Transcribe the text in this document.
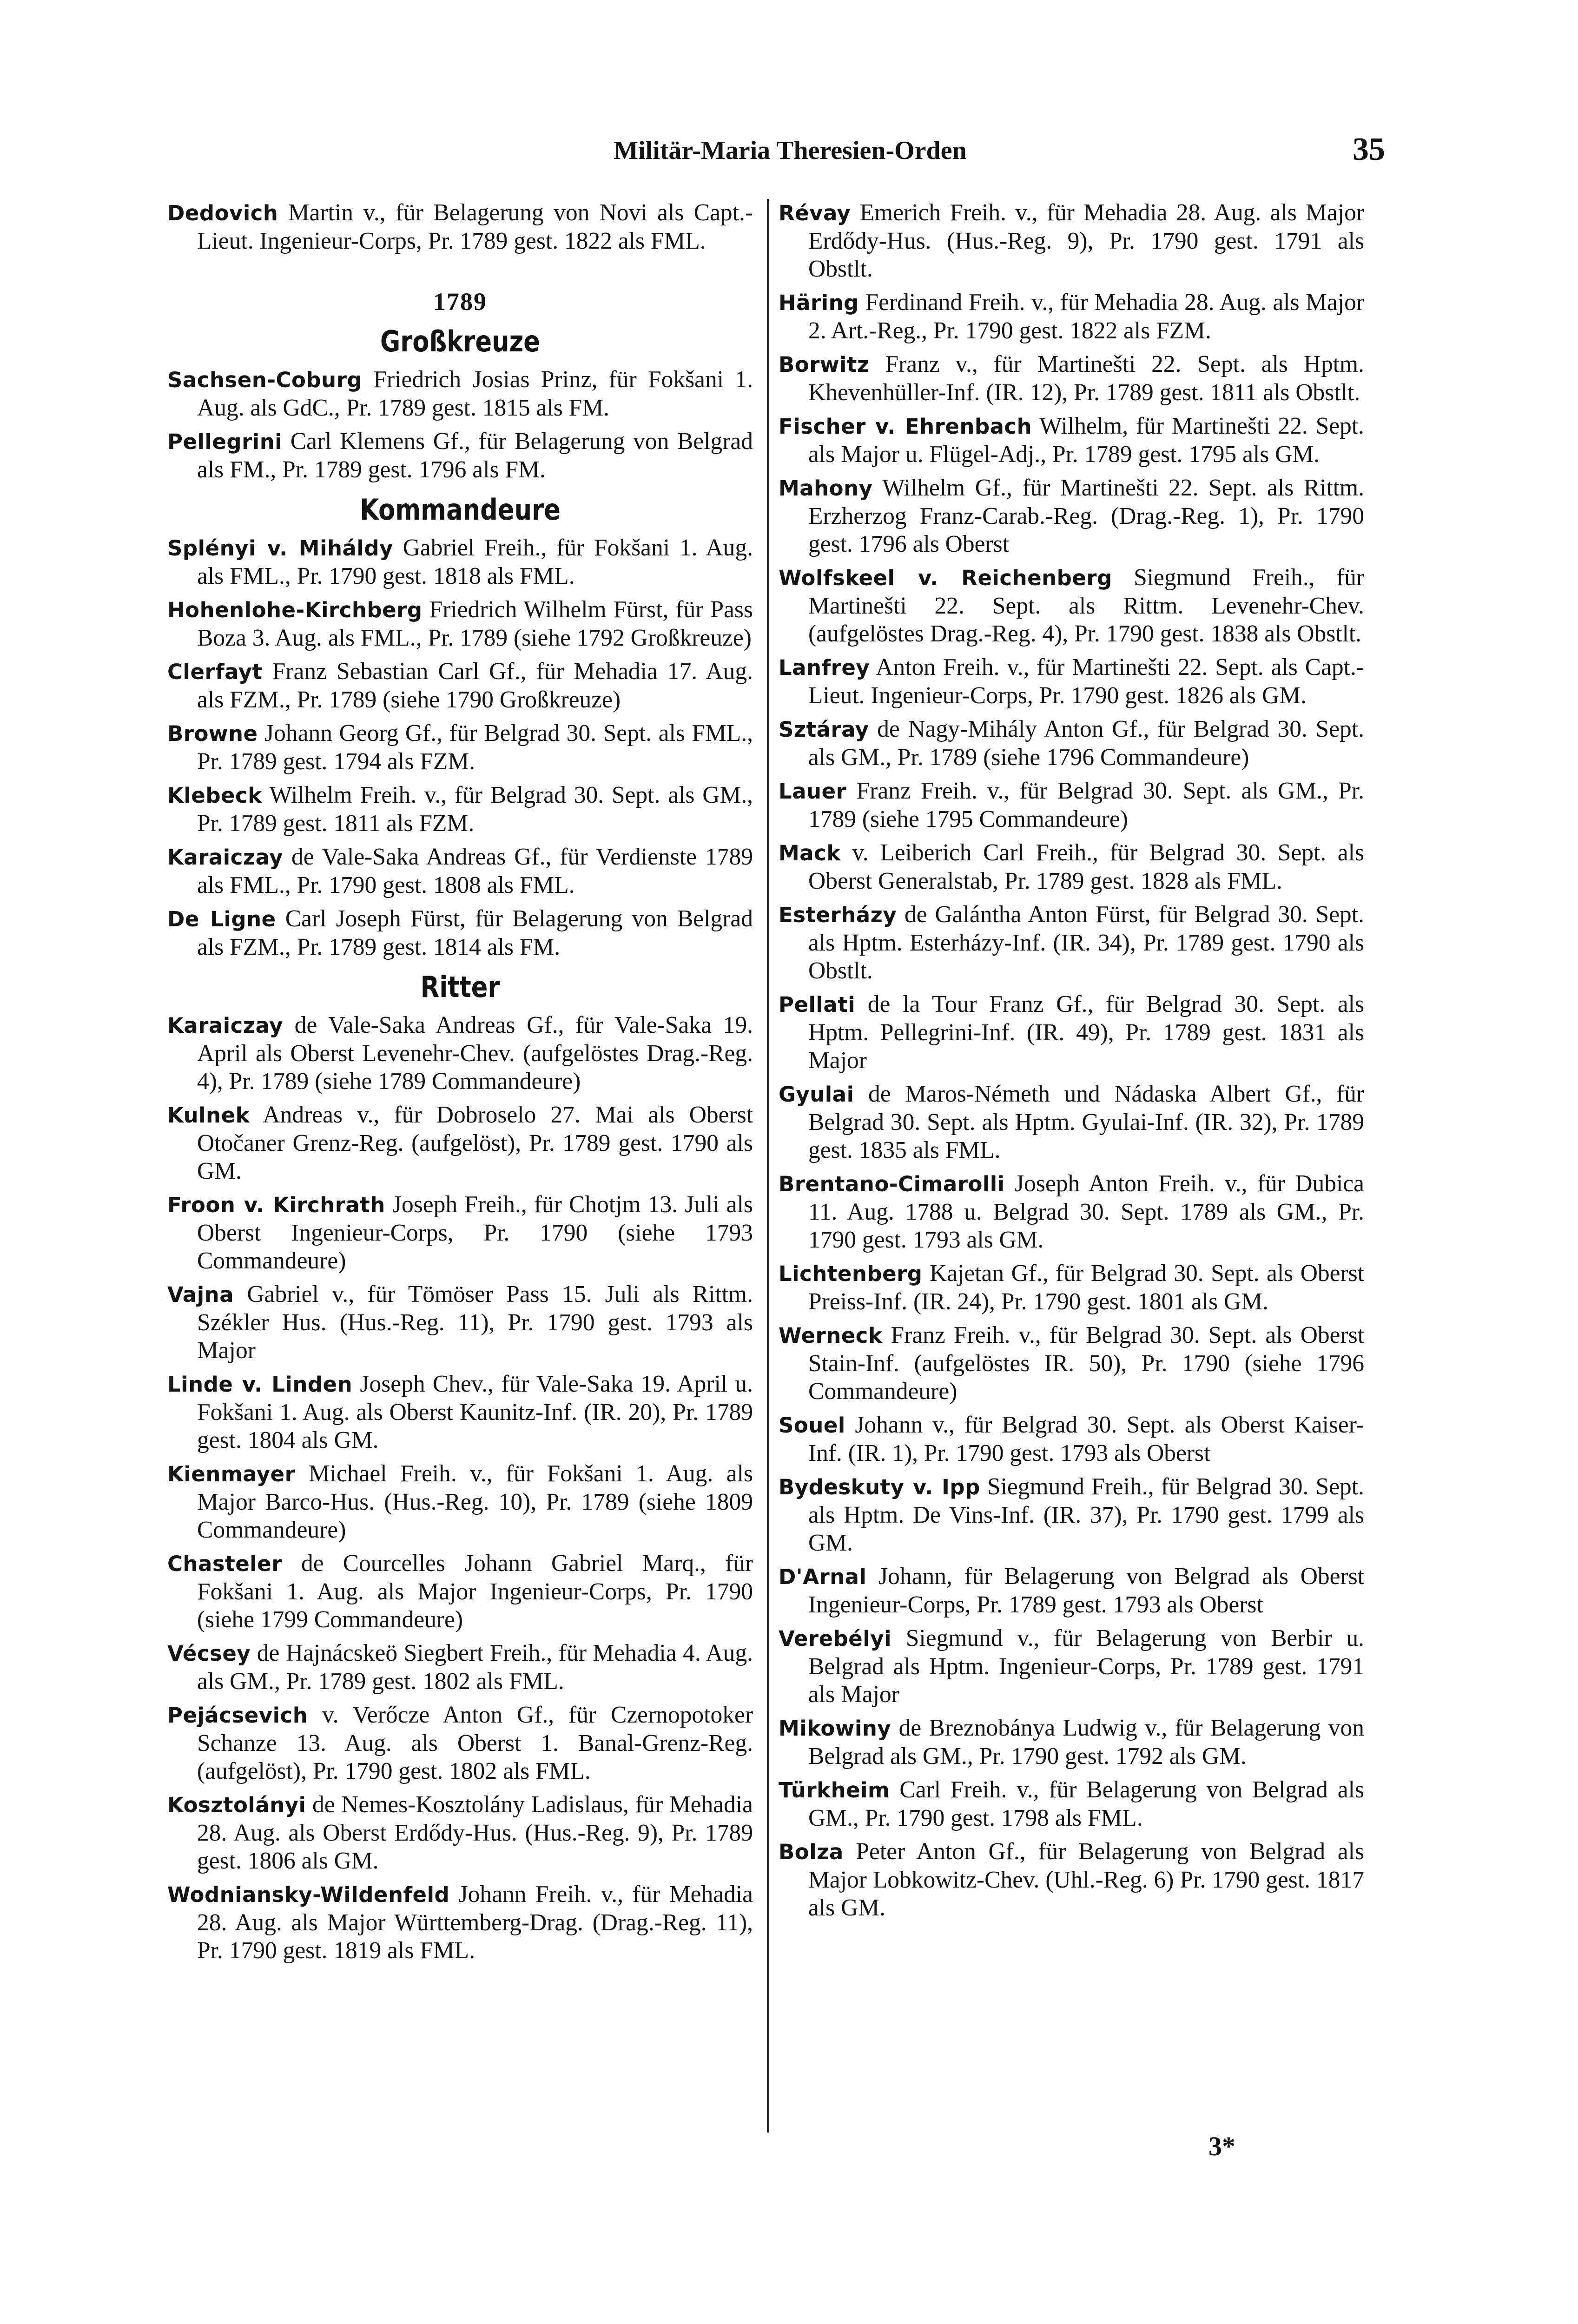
Militär-Maria Theresien-Orden	35

Dedovich Martin v., für Belagerung von Novi als Capt.-Lieut. Ingenieur-Corps, Pr. 1789 gest. 1822 als FML.

1789
Großkreuze

Sachsen-Coburg Friedrich Josias Prinz, für Fokšani 1. Aug. als GdC., Pr. 1789 gest. 1815 als FM.

Pellegrini Carl Klemens Gf., für Belagerung von Belgrad als FM., Pr. 1789 gest. 1796 als FM.

Kommandeure

Splényi v. Miháldy Gabriel Freih., für Fokšani 1. Aug. als FML., Pr. 1790 gest. 1818 als FML.

Hohenlohe-Kirchberg Friedrich Wilhelm Fürst, für Pass Boza 3. Aug. als FML., Pr. 1789 (siehe 1792 Großkreuze)

Clerfayt Franz Sebastian Carl Gf., für Mehadia 17. Aug. als FZM., Pr. 1789 (siehe 1790 Großkreuze)

Browne Johann Georg Gf., für Belgrad 30. Sept. als FML., Pr. 1789 gest. 1794 als FZM.

Klebeck Wilhelm Freih. v., für Belgrad 30. Sept. als GM., Pr. 1789 gest. 1811 als FZM.

Karaiczay de Vale-Saka Andreas Gf., für Verdienste 1789 als FML., Pr. 1790 gest. 1808 als FML.

De Ligne Carl Joseph Fürst, für Belagerung von Belgrad als FZM., Pr. 1789 gest. 1814 als FM.

Ritter

Karaiczay de Vale-Saka Andreas Gf., für Vale-Saka 19. April als Oberst Levenehr-Chev. (aufgelöstes Drag.-Reg. 4), Pr. 1789 (siehe 1789 Commandeure)

Kulnek Andreas v., für Dobroselo 27. Mai als Oberst Otočaner Grenz-Reg. (aufgelöst), Pr. 1789 gest. 1790 als GM.

Froon v. Kirchrath Joseph Freih., für Chotjm 13. Juli als Oberst Ingenieur-Corps, Pr. 1790 (siehe 1793 Commandeure)

Vajna Gabriel v., für Tömöser Pass 15. Juli als Rittm. Székler Hus. (Hus.-Reg. 11), Pr. 1790 gest. 1793 als Major

Linde v. Linden Joseph Chev., für Vale-Saka 19. April u. Fokšani 1. Aug. als Oberst Kaunitz-Inf. (IR. 20), Pr. 1789 gest. 1804 als GM.

Kienmayer Michael Freih. v., für Fokšani 1. Aug. als Major Barco-Hus. (Hus.-Reg. 10), Pr. 1789 (siehe 1809 Commandeure)

Chasteler de Courcelles Johann Gabriel Marq., für Fokšani 1. Aug. als Major Ingenieur-Corps, Pr. 1790 (siehe 1799 Commandeure)

Vécsey de Hajnácskeö Siegbert Freih., für Mehadia 4. Aug. als GM., Pr. 1789 gest. 1802 als FML.

Pejácsevich v. Verőcze Anton Gf., für Czernopotoker Schanze 13. Aug. als Oberst 1. Banal-Grenz-Reg. (aufgelöst), Pr. 1790 gest. 1802 als FML.

Kosztolányi de Nemes-Kosztolány Ladislaus, für Mehadia 28. Aug. als Oberst Erdődy-Hus. (Hus.-Reg. 9), Pr. 1789 gest. 1806 als GM.

Wodniansky-Wildenfeld Johann Freih. v., für Mehadia 28. Aug. als Major Württemberg-Drag. (Drag.-Reg. 11), Pr. 1790 gest. 1819 als FML.

Révay Emerich Freih. v., für Mehadia 28. Aug. als Major Erdődy-Hus. (Hus.-Reg. 9), Pr. 1790 gest. 1791 als Obstlt.

Häring Ferdinand Freih. v., für Mehadia 28. Aug. als Major 2. Art.-Reg., Pr. 1790 gest. 1822 als FZM.

Borwitz Franz v., für Martinešti 22. Sept. als Hptm. Khevenhüller-Inf. (IR. 12), Pr. 1789 gest. 1811 als Obstlt.

Fischer v. Ehrenbach Wilhelm, für Martinešti 22. Sept. als Major u. Flügel-Adj., Pr. 1789 gest. 1795 als GM.

Mahony Wilhelm Gf., für Martinešti 22. Sept. als Rittm. Erzherzog Franz-Carab.-Reg. (Drag.-Reg. 1), Pr. 1790 gest. 1796 als Oberst

Wolfskeel v. Reichenberg Siegmund Freih., für Martinešti 22. Sept. als Rittm. Levenehr-Chev. (aufgelöstes Drag.-Reg. 4), Pr. 1790 gest. 1838 als Obstlt.

Lanfrey Anton Freih. v., für Martinešti 22. Sept. als Capt.-Lieut. Ingenieur-Corps, Pr. 1790 gest. 1826 als GM.

Sztáray de Nagy-Mihály Anton Gf., für Belgrad 30. Sept. als GM., Pr. 1789 (siehe 1796 Commandeure)

Lauer Franz Freih. v., für Belgrad 30. Sept. als GM., Pr. 1789 (siehe 1795 Commandeure)

Mack v. Leiberich Carl Freih., für Belgrad 30. Sept. als Oberst Generalstab, Pr. 1789 gest. 1828 als FML.

Esterházy de Galántha Anton Fürst, für Belgrad 30. Sept. als Hptm. Esterházy-Inf. (IR. 34), Pr. 1789 gest. 1790 als Obstlt.

Pellati de la Tour Franz Gf., für Belgrad 30. Sept. als Hptm. Pellegrini-Inf. (IR. 49), Pr. 1789 gest. 1831 als Major

Gyulai de Maros-Németh und Nádaska Albert Gf., für Belgrad 30. Sept. als Hptm. Gyulai-Inf. (IR. 32), Pr. 1789 gest. 1835 als FML.

Brentano-Cimarolli Joseph Anton Freih. v., für Dubica 11. Aug. 1788 u. Belgrad 30. Sept. 1789 als GM., Pr. 1790 gest. 1793 als GM.

Lichtenberg Kajetan Gf., für Belgrad 30. Sept. als Oberst Preiss-Inf. (IR. 24), Pr. 1790 gest. 1801 als GM.

Werneck Franz Freih. v., für Belgrad 30. Sept. als Oberst Stain-Inf. (aufgelöstes IR. 50), Pr. 1790 (siehe 1796 Commandeure)

Souel Johann v., für Belgrad 30. Sept. als Oberst Kaiser-Inf. (IR. 1), Pr. 1790 gest. 1793 als Oberst

Bydeskuty v. Ipp Siegmund Freih., für Belgrad 30. Sept. als Hptm. De Vins-Inf. (IR. 37), Pr. 1790 gest. 1799 als GM.

D'Arnal Johann, für Belagerung von Belgrad als Oberst Ingenieur-Corps, Pr. 1789 gest. 1793 als Oberst

Verebélyi Siegmund v., für Belagerung von Berbir u. Belgrad als Hptm. Ingenieur-Corps, Pr. 1789 gest. 1791 als Major

Mikowiny de Breznobánya Ludwig v., für Belagerung von Belgrad als GM., Pr. 1790 gest. 1792 als GM.

Türkheim Carl Freih. v., für Belagerung von Belgrad als GM., Pr. 1790 gest. 1798 als FML.

Bolza Peter Anton Gf., für Belagerung von Belgrad als Major Lobkowitz-Chev. (Uhl.-Reg. 6) Pr. 1790 gest. 1817 als GM.

3*
